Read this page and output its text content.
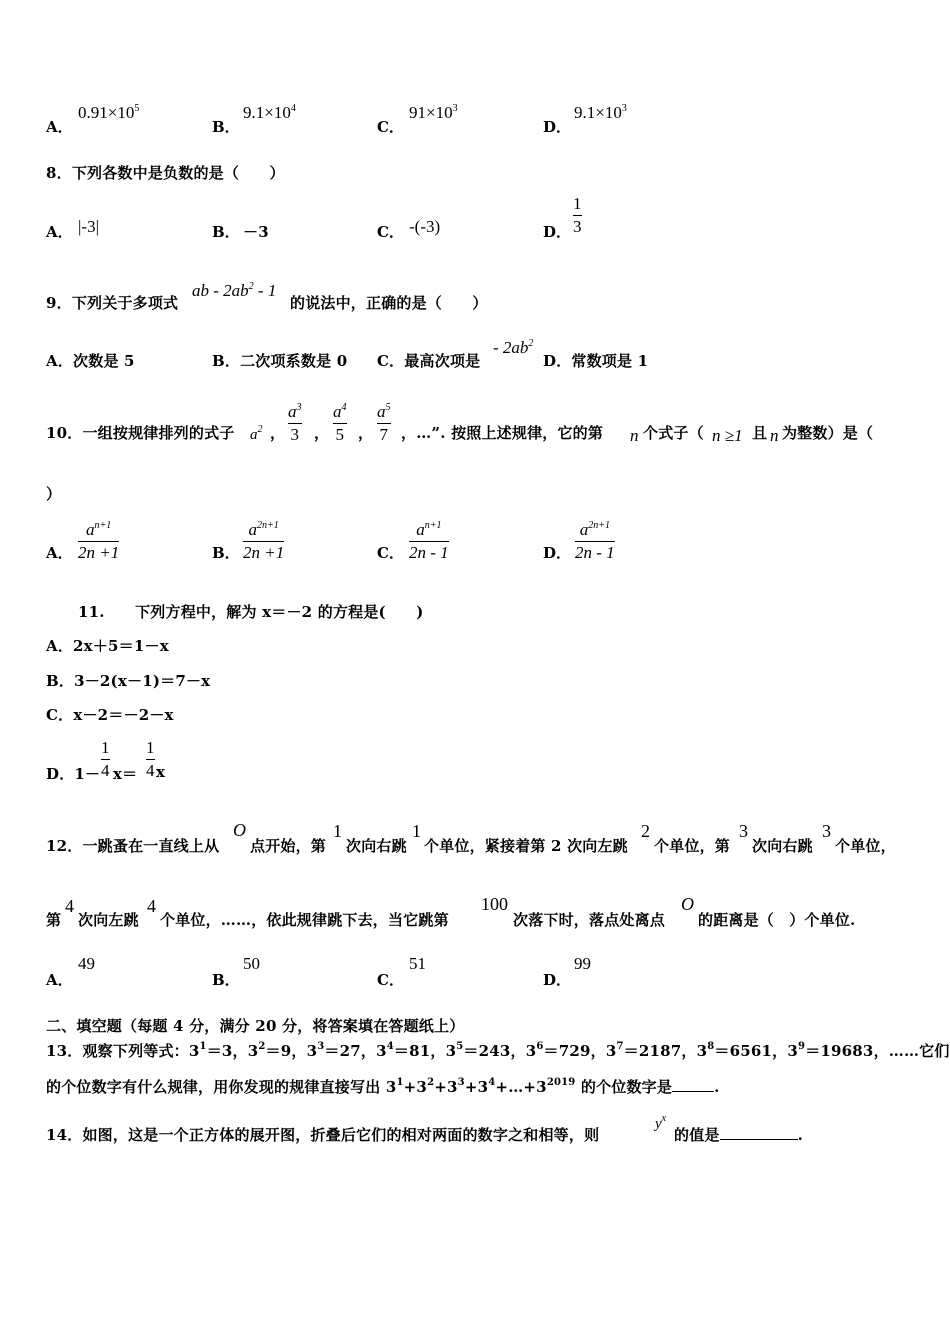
A．
$0.91\times 10^5$
B．
$9.1\times 10^4$
C．
$91\times 10^3$
D．
$9.1\times 10^3$
8．下列各数中是负数的是（　　）
A． |-3|	B． －3	C． -(-3)	D．
1
3
9．下列关于多项式
ab - $2ab^2 - 1$
的说法中，正确的是（　　）
A．次数是 5	B．二次项系数是 0 C．最高次项是
- $2ab^2$
D．常数项是 1
10．一组按规律排列的式子 $a^2$ ，
$a^3$
3 ，
$a^4$
5 ，
$a^5$
7 ，…”. 按照上述规律，它的第 n 个式子（ n ≥1 且 n 为整数）是（
）
A．
$a^{n+1}$
2n +1	B．
$a^{2n+1}$
2n +1	C．
$a^{n+1}$
2n - 1	D．
$a^{2n+1}$
2n - 1
11.　　下列方程中，解为 x＝－2 的方程是(　　)
A．2x＋5＝1－x
B．3－2(x－1)＝7－x
C．x－2＝－2－x
D．1－
1
4 x＝
1
4 x
12．一跳蚤在一直线上从
O
点开始，第
1
次向右跳
1
个单位，紧接着第 2 次向左跳
2
个单位，第
3
次向右跳
3
个单位，
第
4
次向左跳
4
个单位，……，依此规律跳下去，当它跳第
100
次落下时，落点处离点
O
的距离是（　）个单位.
A．
49
B．
50
C．
51
D．
99
二、填空题（每题 4 分，满分 20 分，将答案填在答题纸上）
13．观察下列等式：$3^1=3$，$3^2=9$，$3^3=27$，$3^4=81$，$3^5=243$，$3^6=729$，$3^7=2187$，$3^8=6561$，$3^9=19683$，……它们
的个位数字有什么规律，用你发现的规律直接写出 $3^1+3^2+3^3+3^4+\dots+3^{2019}$ 的个位数字是	.
14．如图，这是一个正方体的展开图，折叠后它们的相对两面的数字之和相等，则
$y^x$
的值是	.
